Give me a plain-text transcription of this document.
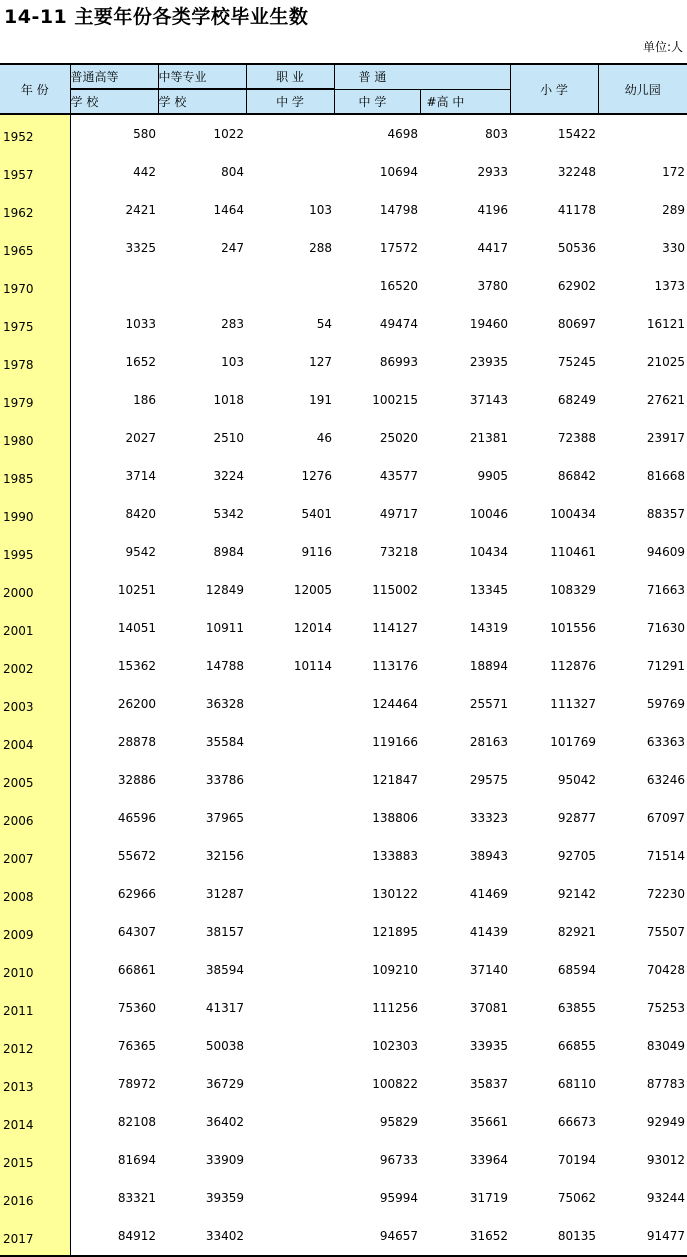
14-11 主要年份各类学校毕业生数
单位:人
年 份	普通高等	中等专业	职 业	普 通		小 学	幼儿园
	学 校	学 校	中 学	中 学	#高 中		
1952	580	1022		4698	803	15422	
1957	442	804		10694	2933	32248	172
1962	2421	1464	103	14798	4196	41178	289
1965	3325	247	288	17572	4417	50536	330
1970				16520	3780	62902	1373
1975	1033	283	54	49474	19460	80697	16121
1978	1652	103	127	86993	23935	75245	21025
1979	186	1018	191	100215	37143	68249	27621
1980	2027	2510	46	25020	21381	72388	23917
1985	3714	3224	1276	43577	9905	86842	81668
1990	8420	5342	5401	49717	10046	100434	88357
1995	9542	8984	9116	73218	10434	110461	94609
2000	10251	12849	12005	115002	13345	108329	71663
2001	14051	10911	12014	114127	14319	101556	71630
2002	15362	14788	10114	113176	18894	112876	71291
2003	26200	36328		124464	25571	111327	59769
2004	28878	35584		119166	28163	101769	63363
2005	32886	33786		121847	29575	95042	63246
2006	46596	37965		138806	33323	92877	67097
2007	55672	32156		133883	38943	92705	71514
2008	62966	31287		130122	41469	92142	72230
2009	64307	38157		121895	41439	82921	75507
2010	66861	38594		109210	37140	68594	70428
2011	75360	41317		111256	37081	63855	75253
2012	76365	50038		102303	33935	66855	83049
2013	78972	36729		100822	35837	68110	87783
2014	82108	36402		95829	35661	66673	92949
2015	81694	33909		96733	33964	70194	93012
2016	83321	39359		95994	31719	75062	93244
2017	84912	33402		94657	31652	80135	91477
